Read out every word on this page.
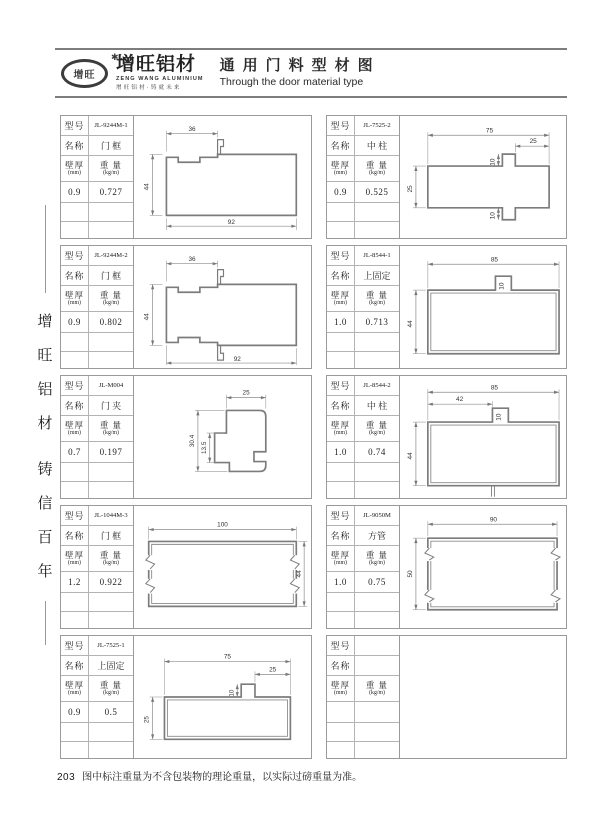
增旺
✱
增旺铝材
ZENG WANG ALUMINIUM
增旺铝材·铸就未来
通用门料型材图
Through the door material type
增旺铝材
铸信百年
型号	JL-9244M-1
名称	门 框
壁厚
(mm)
重 量
(kg/m)
0.9	0.727
36
44
92
型号	JL-7525-2
名称	中 柱
壁厚
(mm)
重 量
(kg/m)
0.9	0.525
75
25
10
25
10
型号	JL-9244M-2
名称	门 框
壁厚
(mm)
重 量
(kg/m)
0.9	0.802
36
44
92
型号	JL-8544-1
名称	上固定
壁厚
(mm)
重 量
(kg/m)
1.0	0.713
10
85
44
型号	JL-M004
名称	门 夹
壁厚
(mm)
重 量
(kg/m)
0.7	0.197
25
30.4
13.5
型号	JL-8544-2
名称	中 柱
壁厚
(mm)
重 量
(kg/m)
1.0	0.74
85
42
10
44
型号	JL-1044M-3
名称	门 框
壁厚
(mm)
重 量
(kg/m)
1.2	0.922
100
44
型号	JL-9050M
名称	方管
壁厚
(mm)
重 量
(kg/m)
1.0	0.75
90
50
型号	JL-7525-1
名称	上固定
壁厚
(mm)
重 量
(kg/m)
0.9	0.5
75
25
10
25
型号
名称
壁厚
(mm)
重 量
(kg/m)
203 图中标注重量为不含包装物的理论重量，以实际过磅重量为准。
